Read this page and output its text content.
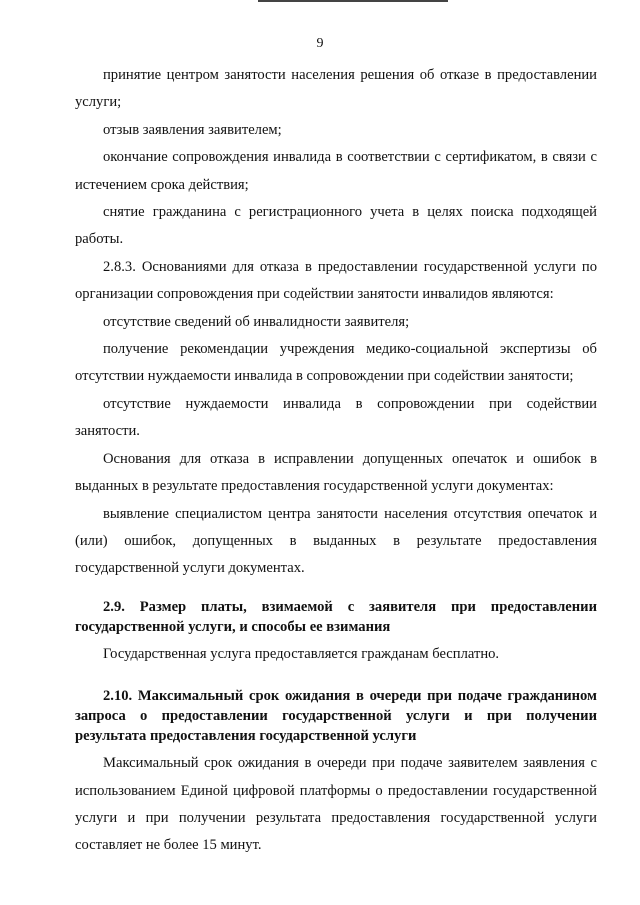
9

принятие центром занятости населения решения об отказе в предоставлении услуги;

отзыв заявления заявителем;

окончание сопровождения инвалида в соответствии с сертификатом, в связи с истечением срока действия;

снятие гражданина с регистрационного учета в целях поиска подходящей работы.

2.8.3. Основаниями для отказа в предоставлении государственной услуги по организации сопровождения при содействии занятости инвалидов являются:

отсутствие сведений об инвалидности заявителя;

получение рекомендации учреждения медико-социальной экспертизы об отсутствии нуждаемости инвалида в сопровождении при содействии занятости;

отсутствие нуждаемости инвалида в сопровождении при содействии занятости.

Основания для отказа в исправлении допущенных опечаток и ошибок в выданных в результате предоставления государственной услуги документах:

выявление специалистом центра занятости населения отсутствия опечаток и (или) ошибок, допущенных в выданных в результате предоставления государственной услуги документах.

2.9. Размер платы, взимаемой с заявителя при предоставлении государственной услуги, и способы ее взимания

Государственная услуга предоставляется гражданам бесплатно.

2.10. Максимальный срок ожидания в очереди при подаче гражданином запроса о предоставлении государственной услуги и при получении результата предоставления государственной услуги

Максимальный срок ожидания в очереди при подаче заявителем заявления с использованием Единой цифровой платформы о предоставлении государственной услуги и при получении результата предоставления государственной услуги составляет не более 15 минут.
